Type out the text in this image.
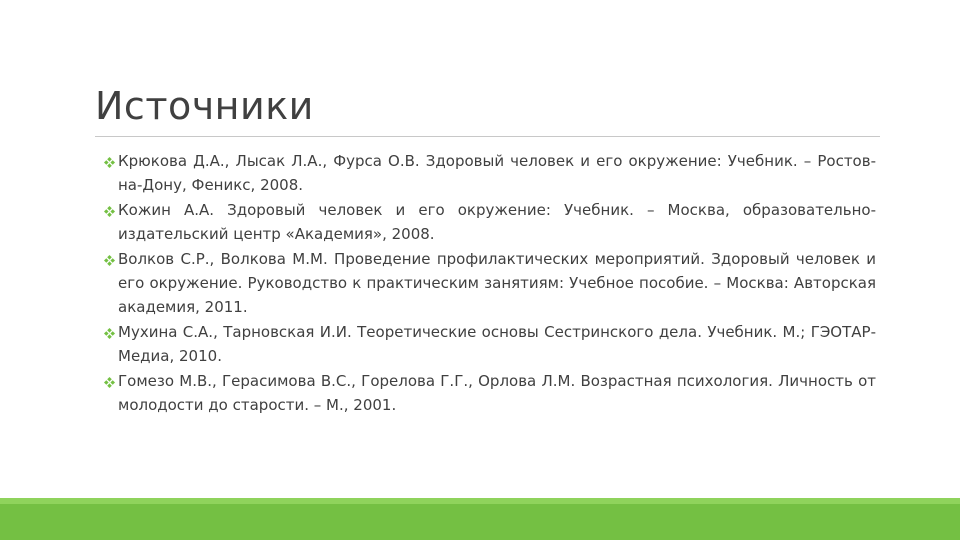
Источники
Крюкова Д.А., Лысак Л.А., Фурса О.В. Здоровый человек и его окружение: Учебник. – Ростов-на-Дону, Феникс, 2008.
Кожин А.А. Здоровый человек и его окружение: Учебник. – Москва, образовательно-издательский центр «Академия», 2008.
Волков С.Р., Волкова М.М. Проведение профилактических мероприятий. Здоровый человек и его окружение. Руководство к практическим занятиям: Учебное пособие. – Москва: Авторская академия, 2011.
Мухина С.А., Тарновская И.И. Теоретические основы Сестринского дела. Учебник. М.; ГЭОТАР-Медиа, 2010.
Гомезо М.В., Герасимова В.С., Горелова Г.Г., Орлова Л.М. Возрастная психология. Личность от молодости до старости. – М., 2001.
